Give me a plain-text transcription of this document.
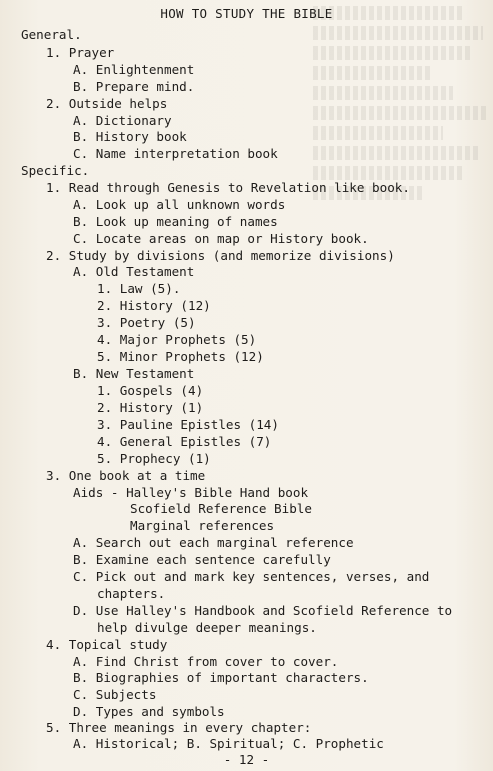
HOW TO STUDY THE BIBLE
General.
1. Prayer
A. Enlightenment
B. Prepare mind.
2. Outside helps
A. Dictionary
B. History book
C. Name interpretation book
Specific.
1. Read through Genesis to Revelation like book.
A. Look up all unknown words
B. Look up meaning of names
C. Locate areas on map or History book.
2. Study by divisions (and memorize divisions)
A. Old Testament
1. Law (5).
2. History (12)
3. Poetry (5)
4. Major Prophets (5)
5. Minor Prophets (12)
B. New Testament
1. Gospels (4)
2. History (1)
3. Pauline Epistles (14)
4. General Epistles (7)
5. Prophecy (1)
3. One book at a time
Aids - Halley's Bible Hand book
Scofield Reference Bible
Marginal references
A. Search out each marginal reference
B. Examine each sentence carefully
C. Pick out and mark key sentences, verses, and
chapters.
D. Use Halley's Handbook and Scofield Reference to
help divulge deeper meanings.
4. Topical study
A. Find Christ from cover to cover.
B. Biographies of important characters.
C. Subjects
D. Types and symbols
5. Three meanings in every chapter:
A. Historical; B. Spiritual; C. Prophetic
- 12 -
